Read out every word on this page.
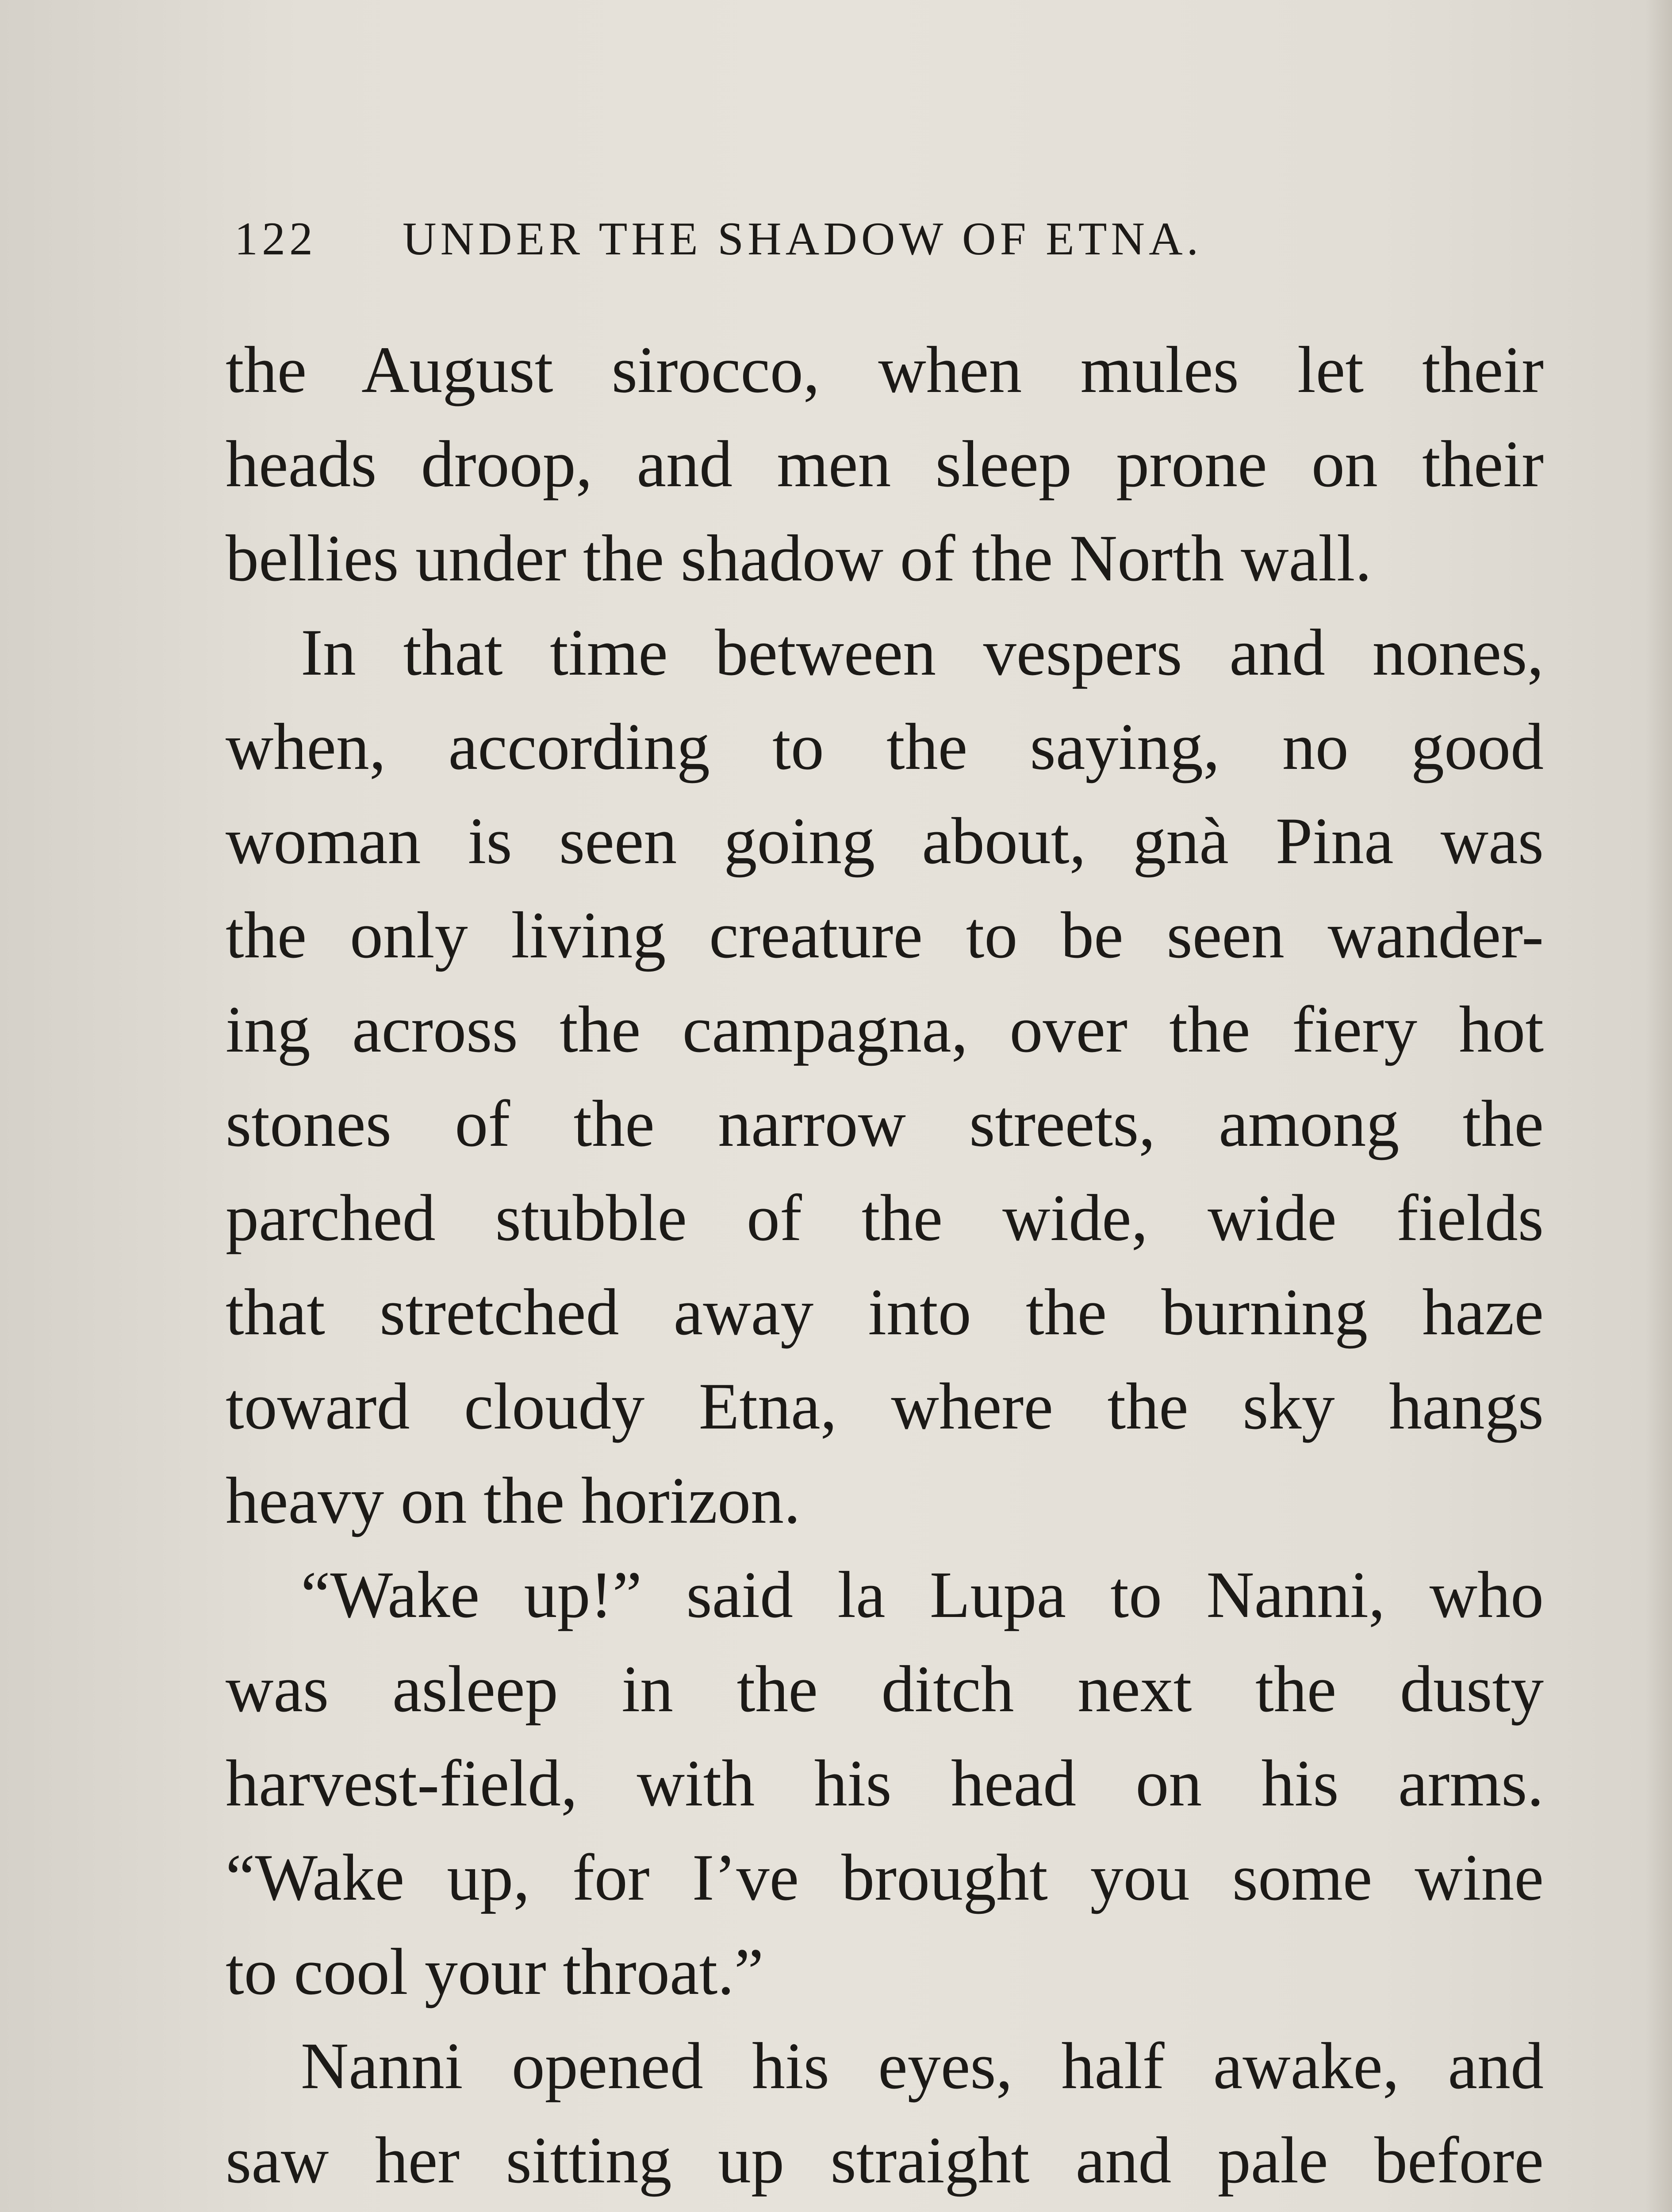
122 UNDER THE SHADOW OF ETNA.
the August sirocco, when mules let their
heads droop, and men sleep prone on their
bellies under the shadow of the North wall.
In that time between vespers and nones,
when, according to the saying, no good
woman is seen going about, gnà Pina was
the only living creature to be seen wander-
ing across the campagna, over the fiery hot
stones of the narrow streets, among the
parched stubble of the wide, wide fields
that stretched away into the burning haze
toward cloudy Etna, where the sky hangs
heavy on the horizon.
“Wake up!” said la Lupa to Nanni, who
was asleep in the ditch next the dusty
harvest-field, with his head on his arms.
“Wake up, for I’ve brought you some wine
to cool your throat.”
Nanni opened his eyes, half awake, and
saw her sitting up straight and pale before
